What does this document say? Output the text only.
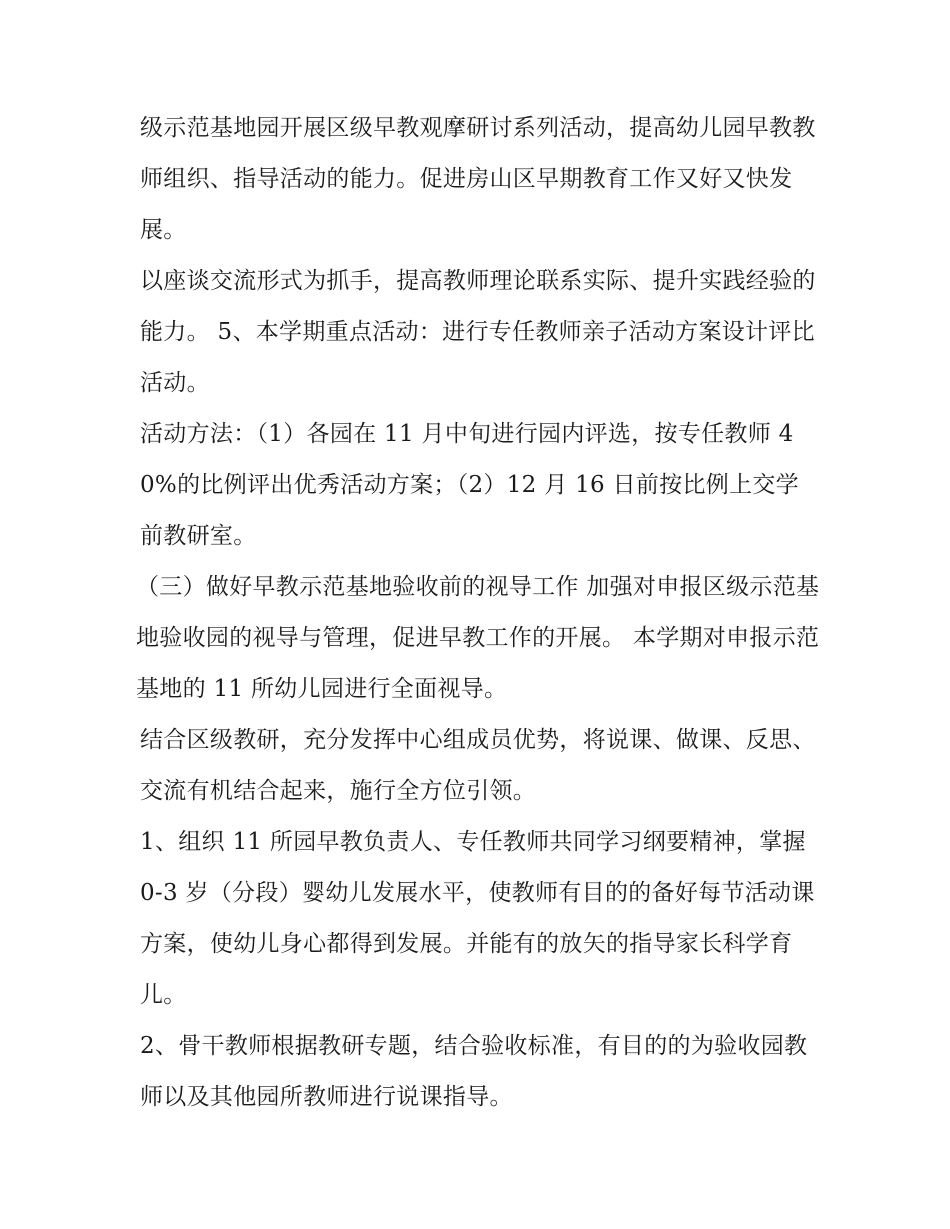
级示范基地园开展区级早教观摩研讨系列活动，提高幼儿园早教教师组织、指导活动的能力。促进房山区早期教育工作又好又快发展。

以座谈交流形式为抓手，提高教师理论联系实际、提升实践经验的能力。 5、本学期重点活动：进行专任教师亲子活动方案设计评比活动。

活动方法：（1）各园在 11 月中旬进行园内评选，按专任教师 40%的比例评出优秀活动方案；（2）12 月 16 日前按比例上交学前教研室。

（三）做好早教示范基地验收前的视导工作 加强对申报区级示范基地验收园的视导与管理，促进早教工作的开展。 本学期对申报示范基地的 11 所幼儿园进行全面视导。

结合区级教研，充分发挥中心组成员优势，将说课、做课、反思、交流有机结合起来，施行全方位引领。

1、组织 11 所园早教负责人、专任教师共同学习纲要精神，掌握 0-3 岁（分段）婴幼儿发展水平，使教师有目的的备好每节活动课方案，使幼儿身心都得到发展。并能有的放矢的指导家长科学育儿。

2、骨干教师根据教研专题，结合验收标准，有目的的为验收园教师以及其他园所教师进行说课指导。
